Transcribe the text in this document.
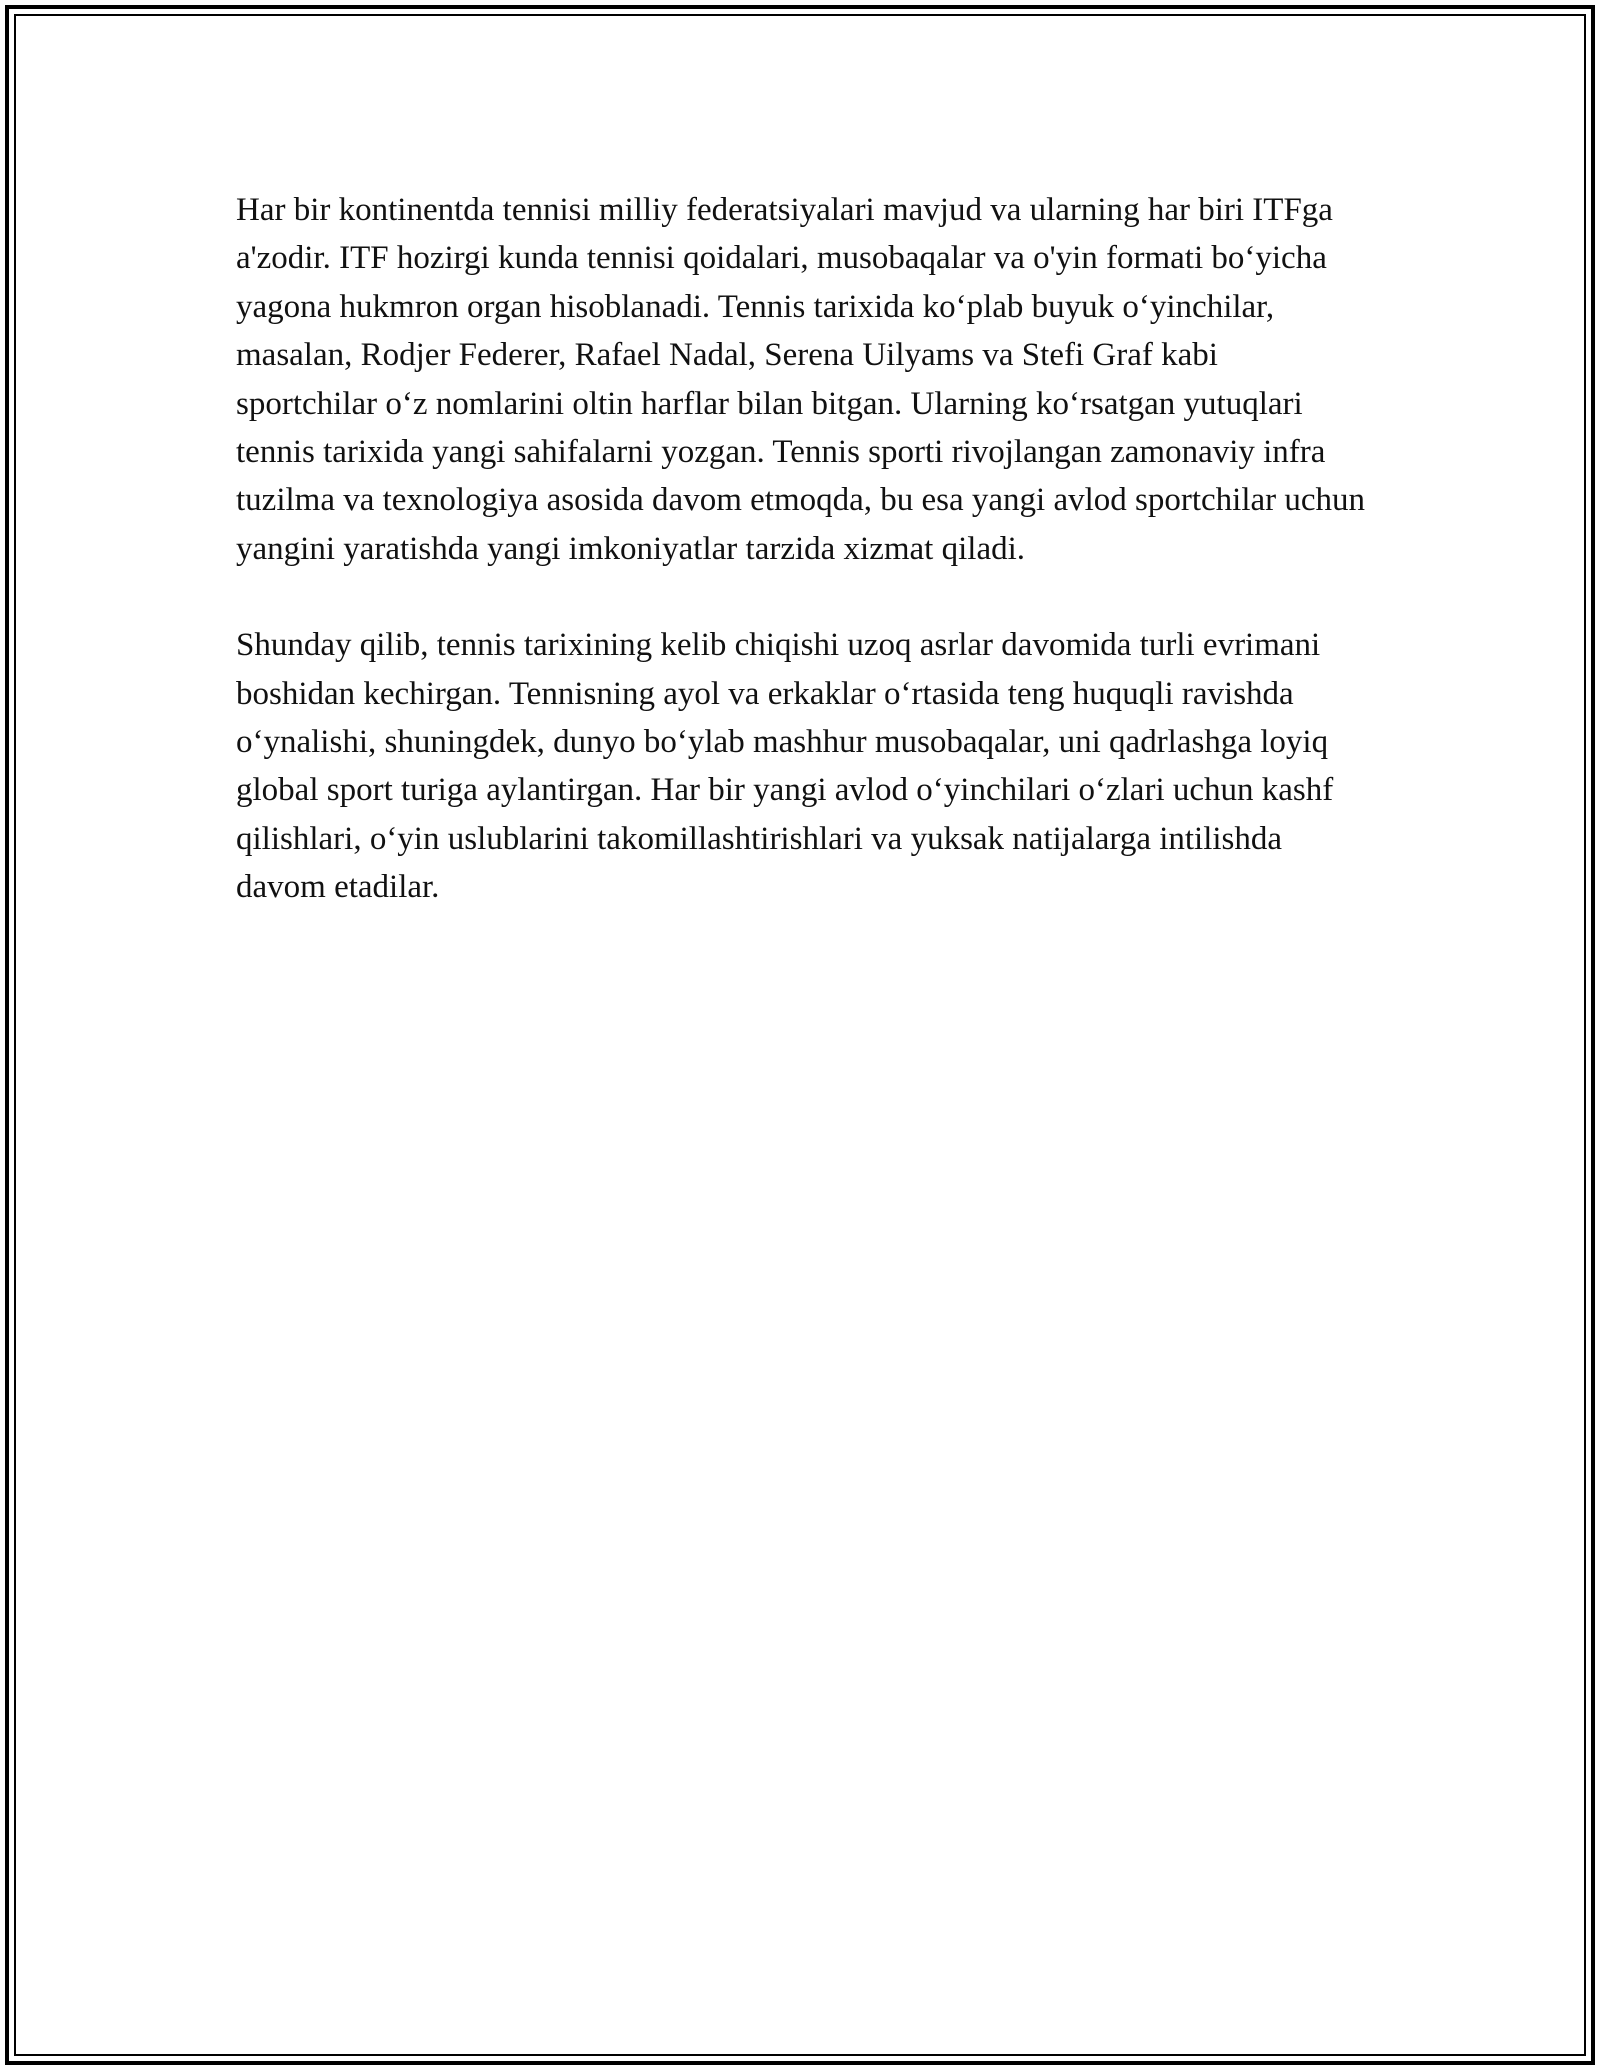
Har bir kontinentda tennisi milliy federatsiyalari mavjud va ularning har biri ITFga a'zodir. ITF hozirgi kunda tennisi qoidalari, musobaqalar va o'yin formati bo‘yicha yagona hukmron organ hisoblanadi. Tennis tarixida ko‘plab buyuk o‘yinchilar, masalan, Rodjer Federer, Rafael Nadal, Serena Uilyams va Stefi Graf kabi sportchilar o‘z nomlarini oltin harflar bilan bitgan. Ularning ko‘rsatgan yutuqlari tennis tarixida yangi sahifalarni yozgan. Tennis sporti rivojlangan zamonaviy infra tuzilma va texnologiya asosida davom etmoqda, bu esa yangi avlod sportchilar uchun yangini yaratishda yangi imkoniyatlar tarzida xizmat qiladi.

Shunday qilib, tennis tarixining kelib chiqishi uzoq asrlar davomida turli evrimani boshidan kechirgan. Tennisning ayol va erkaklar o‘rtasida teng huquqli ravishda o‘ynalishi, shuningdek, dunyo bo‘ylab mashhur musobaqalar, uni qadrlashga loyiq global sport turiga aylantirgan. Har bir yangi avlod o‘yinchilari o‘zlari uchun kashf qilishlari, o‘yin uslublarini takomillashtirishlari va yuksak natijalarga intilishda davom etadilar.
